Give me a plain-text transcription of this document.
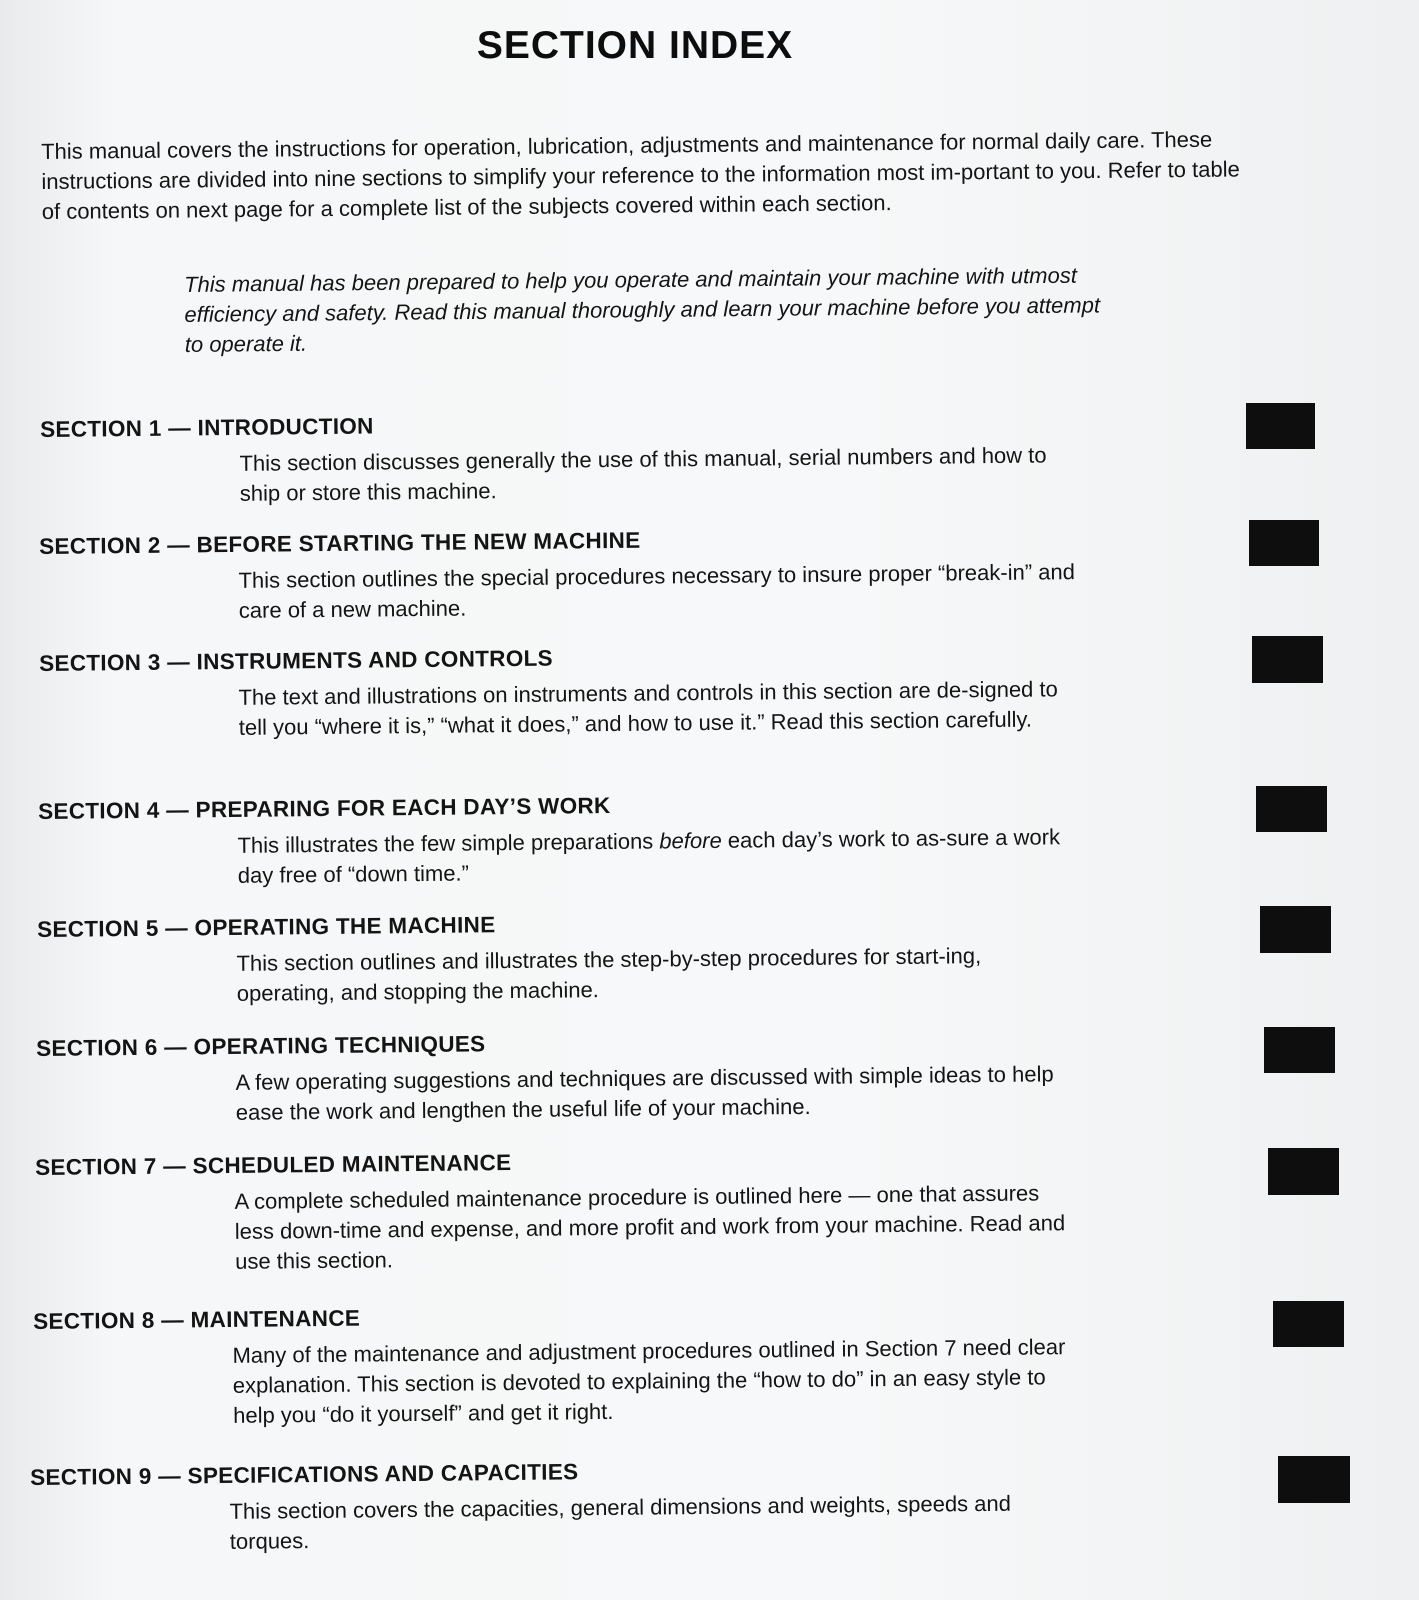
SECTION INDEX
This manual covers the instructions for operation, lubrication, adjustments and maintenance for normal daily care. These instructions are divided into nine sections to simplify your reference to the information most im-portant to you. Refer to table of contents on next page for a complete list of the subjects covered within each section.
This manual has been prepared to help you operate and maintain your machine with utmost efficiency and safety. Read this manual thoroughly and learn your machine before you attempt to operate it.
SECTION 1 — INTRODUCTION
This section discusses generally the use of this manual, serial numbers and how to ship or store this machine.
SECTION 2 — BEFORE STARTING THE NEW MACHINE
This section outlines the special procedures necessary to insure proper “break-in” and care of a new machine.
SECTION 3 — INSTRUMENTS AND CONTROLS
The text and illustrations on instruments and controls in this section are de-signed to tell you “where it is,” “what it does,” and how to use it.” Read this section carefully.
SECTION 4 — PREPARING FOR EACH DAY’S WORK
This illustrates the few simple preparations before each day’s work to as-sure a work day free of “down time.”
SECTION 5 — OPERATING THE MACHINE
This section outlines and illustrates the step-by-step procedures for start-ing, operating, and stopping the machine.
SECTION 6 — OPERATING TECHNIQUES
A few operating suggestions and techniques are discussed with simple ideas to help ease the work and lengthen the useful life of your machine.
SECTION 7 — SCHEDULED MAINTENANCE
A complete scheduled maintenance procedure is outlined here — one that assures less down-time and expense, and more profit and work from your machine. Read and use this section.
SECTION 8 — MAINTENANCE
Many of the maintenance and adjustment procedures outlined in Section 7 need clear explanation. This section is devoted to explaining the “how to do” in an easy style to help you “do it yourself” and get it right.
SECTION 9 — SPECIFICATIONS AND CAPACITIES
This section covers the capacities, general dimensions and weights, speeds and torques.
